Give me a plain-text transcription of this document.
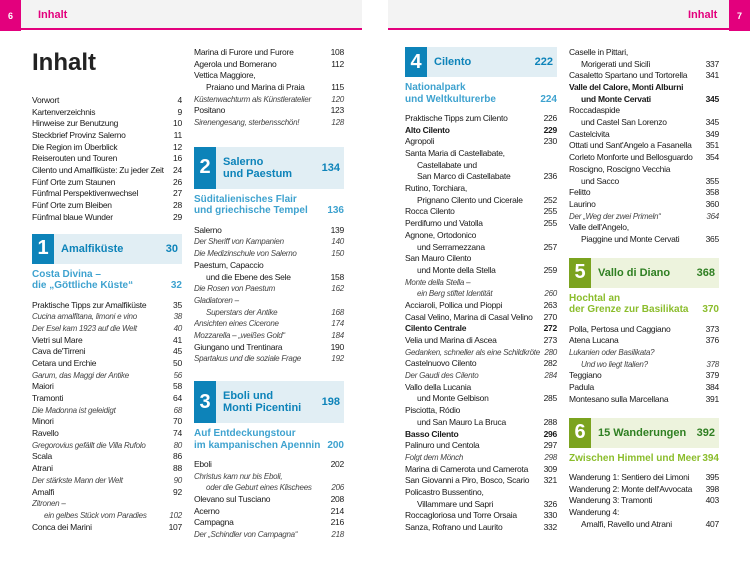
6	Inhalt	Inhalt	7
Inhalt
Vorwort	4
Kartenverzeichnis	9
Hinweise zur Benutzung	10
Steckbrief Provinz Salerno	11
Die Region im Überblick	12
Reiserouten und Touren	16
Cilento und Amalfiküste: Zu jeder Zeit	24
Fünf Orte zum Staunen	26
Fünfmal Perspektivenwechsel	27
Fünf Orte zum Bleiben	28
Fünfmal blaue Wunder	29
1	Amalfiküste	30
Costa Divina –
die „Göttliche Küste“	32
Praktische Tipps zur Amalfiküste	35
Cucina amalfitana, limoni e vino	38
Der Esel kam 1923 auf die Welt	40
Vietri sul Mare	41
Cava de'Tirreni	45
Cetara und Erchie	50
Garum, das Maggi der Antike	56
Maiori	58
Tramonti	64
Die Madonna ist geleidigt	68
Minori	70
Ravello	74
Gregorovius gefällt die Villa Rufolo	80
Scala	86
Atrani	88
Der stärkste Mann der Welt	90
Amalfi	92
Zitronen –
ein gelbes Stück vom Paradies	102
Conca dei Marini	107
Marina di Furore und Furore	108
Agerola und Bomerano	112
Vettica Maggiore,
Praiano und Marina di Praia	115
Küstenwachturm als Künstleratelier	120
Positano	123
Sirenengesang, sterbensschön!	128
2	Salerno
und Paestum	134
Süditalienisches Flair
und griechische Tempel	136
Salerno	139
Der Sheriff von Kampanien	140
Die Medizinschule von Salerno	150
Paestum, Capaccio
und die Ebene des Sele	158
Die Rosen von Paestum	162
Gladiatoren –
Superstars der Antike	168
Ansichten eines Cicerone	174
Mozzarella – „weißes Gold“	184
Giungano und Trentinara	190
Spartakus und die soziale Frage	192
3	Eboli und
Monti Picentini	198
Auf Entdeckungstour
im kampanischen Apennin 200
Eboli	202
Christus kam nur bis Eboli,
oder die Geburt eines Klischees	206
Olevano sul Tusciano	208
Acerno	214
Campagna	216
Der „Schindler von Campagna“	218
4	Cilento	222
Nationalpark
und Weltkulturerbe	224
Praktische Tipps zum Cilento	226
Alto Cilento	229
Agropoli	230
Santa Maria di Castellabate,
Castellabate und
San Marco di Castellabate	236
Rutino, Torchiara,
Prignano Cilento und Cicerale	252
Rocca Cilento	255
Perdifumo und Vatolla	255
Agnone, Ortodonico
und Serramezzana	257
San Mauro Cilento
und Monte della Stella	259
Monte della Stella –
ein Berg stiftet Identität	260
Acciaroli, Pollica und Pioppi	263
Casal Velino, Marina di Casal Velino	270
Cilento Centrale	272
Velia und Marina di Ascea	273
Gedanken, schneller als eine Schildkröte 280
Castelnuovo Cilento	282
Der Gaudi des Cilento	284
Vallo della Lucania
und Monte Gelbison	285
Pisciotta, Ródio
und San Mauro La Bruca	288
Basso Cilento	296
Palinuro und Centola	297
Folgt dem Mönch	298
Marina di Camerota und Camerota	309
San Giovanni a Piro, Bosco, Scario	321
Policastro Bussentino,
Villammare und Sapri	326
Roccagloriosa und Torre Orsaia	330
Sanza, Rofrano und Laurito	332
Caselle in Pittari,
Morigerati und Sicilì	337
Casaletto Spartano und Tortorella	341
Valle del Calore, Monti Alburni
und Monte Cervati	345
Roccadaspide
und Castel San Lorenzo	345
Castelcivita	349
Ottati und Sant'Angelo a Fasanella	351
Corleto Monforte und Bellosguardo	354
Roscigno, Roscigno Vecchia
und Sacco	355
Felitto	358
Laurino	360
Der „Weg der zwei Primeln“	364
Valle dell'Angelo,
Piaggine und Monte Cervati	365
5	Vallo di Diano	368
Hochtal an
der Grenze zur Basilikata	370
Polla, Pertosa und Caggiano	373
Atena Lucana	376
Lukanien oder Basilikata?
Und wo liegt Italien?	378
Teggiano	379
Padula	384
Montesano sulla Marcellana	391
6	15 Wanderungen 392
Zwischen Himmel und Meer 394
Wanderung 1: Sentiero dei Limoni	395
Wanderung 2: Monte dell'Avvocata	398
Wanderung 3: Tramonti	403
Wanderung 4:
Amalfi, Ravello und Atrani	407
